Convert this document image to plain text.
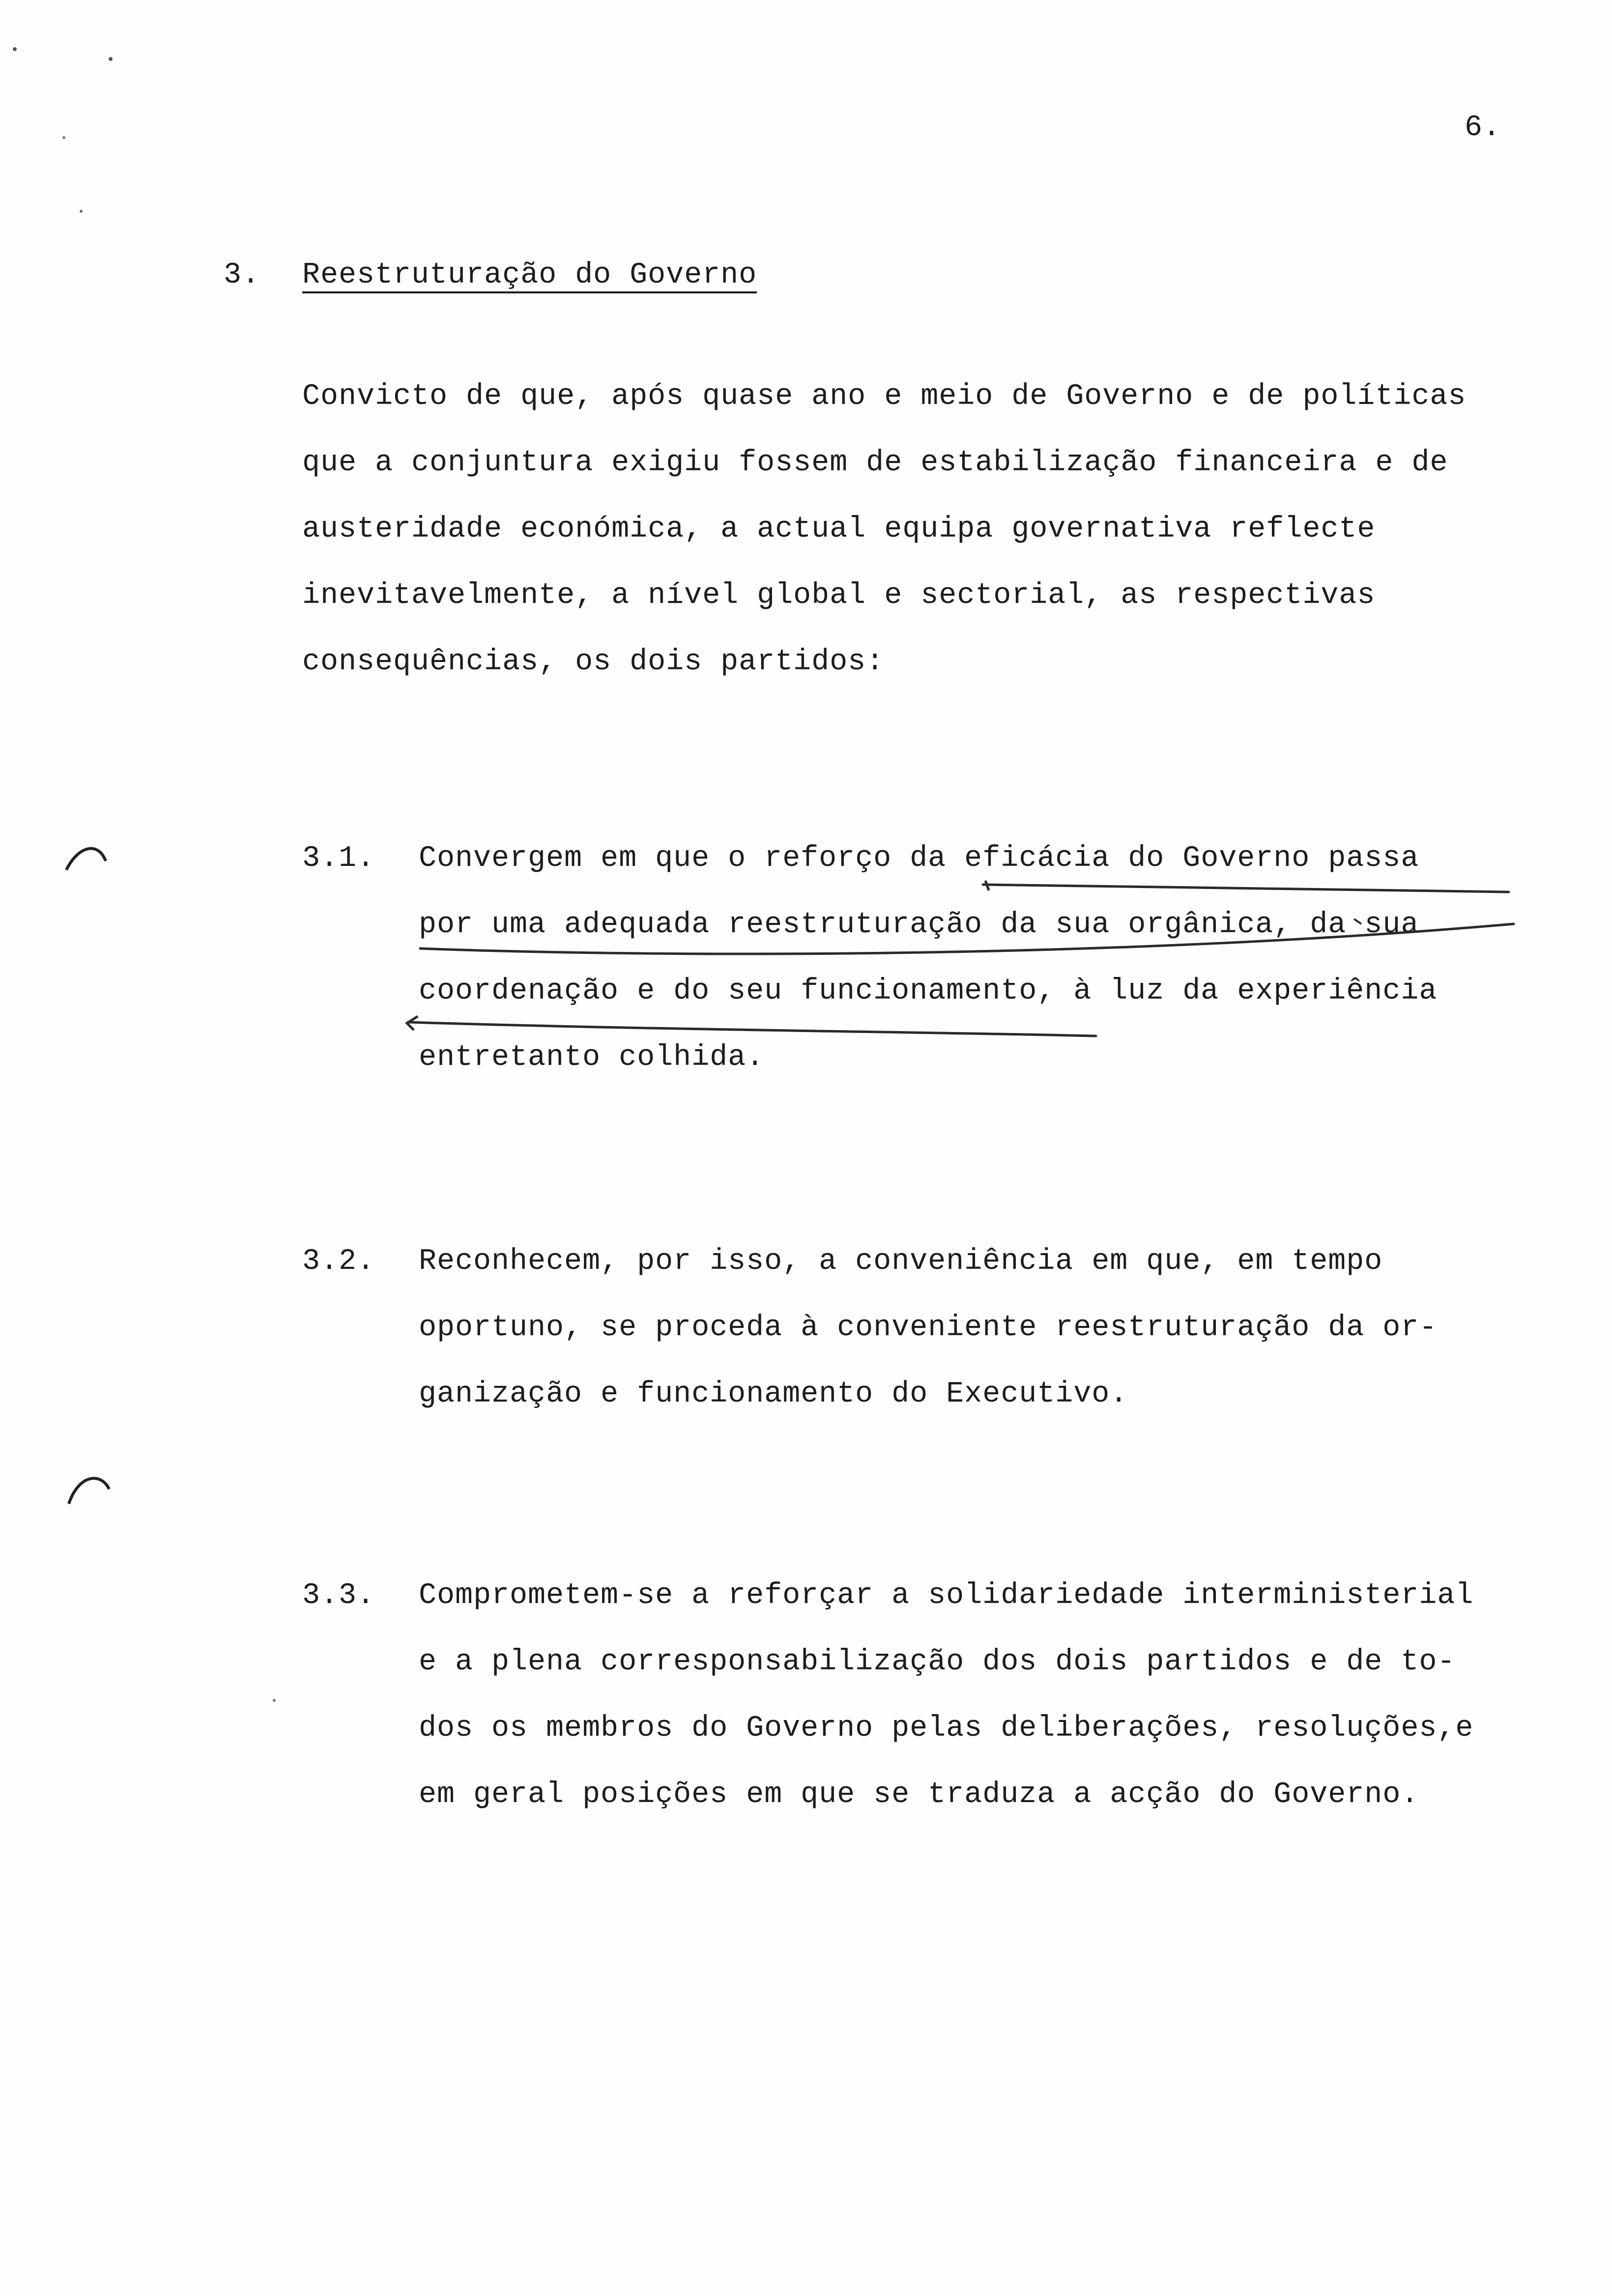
6.
3. Reestruturação do Governo
Convicto de que, após quase ano e meio de Governo e de políticas
que a conjuntura exigiu fossem de estabilização financeira e de
austeridade económica, a actual equipa governativa reflecte
inevitavelmente, a nível global e sectorial, as respectivas
consequências, os dois partidos:
3.1. Convergem em que o reforço da eficácia do Governo passa
por uma adequada reestruturação da sua orgânica, da sua
coordenação e do seu funcionamento, à luz da experiência
entretanto colhida.
3.2. Reconhecem, por isso, a conveniência em que, em tempo
oportuno, se proceda à conveniente reestruturação da or-
ganização e funcionamento do Executivo.
3.3. Comprometem-se a reforçar a solidariedade interministerial
e a plena corresponsabilização dos dois partidos e de to-
dos os membros do Governo pelas deliberações, resoluções,e
em geral posições em que se traduza a acção do Governo.
